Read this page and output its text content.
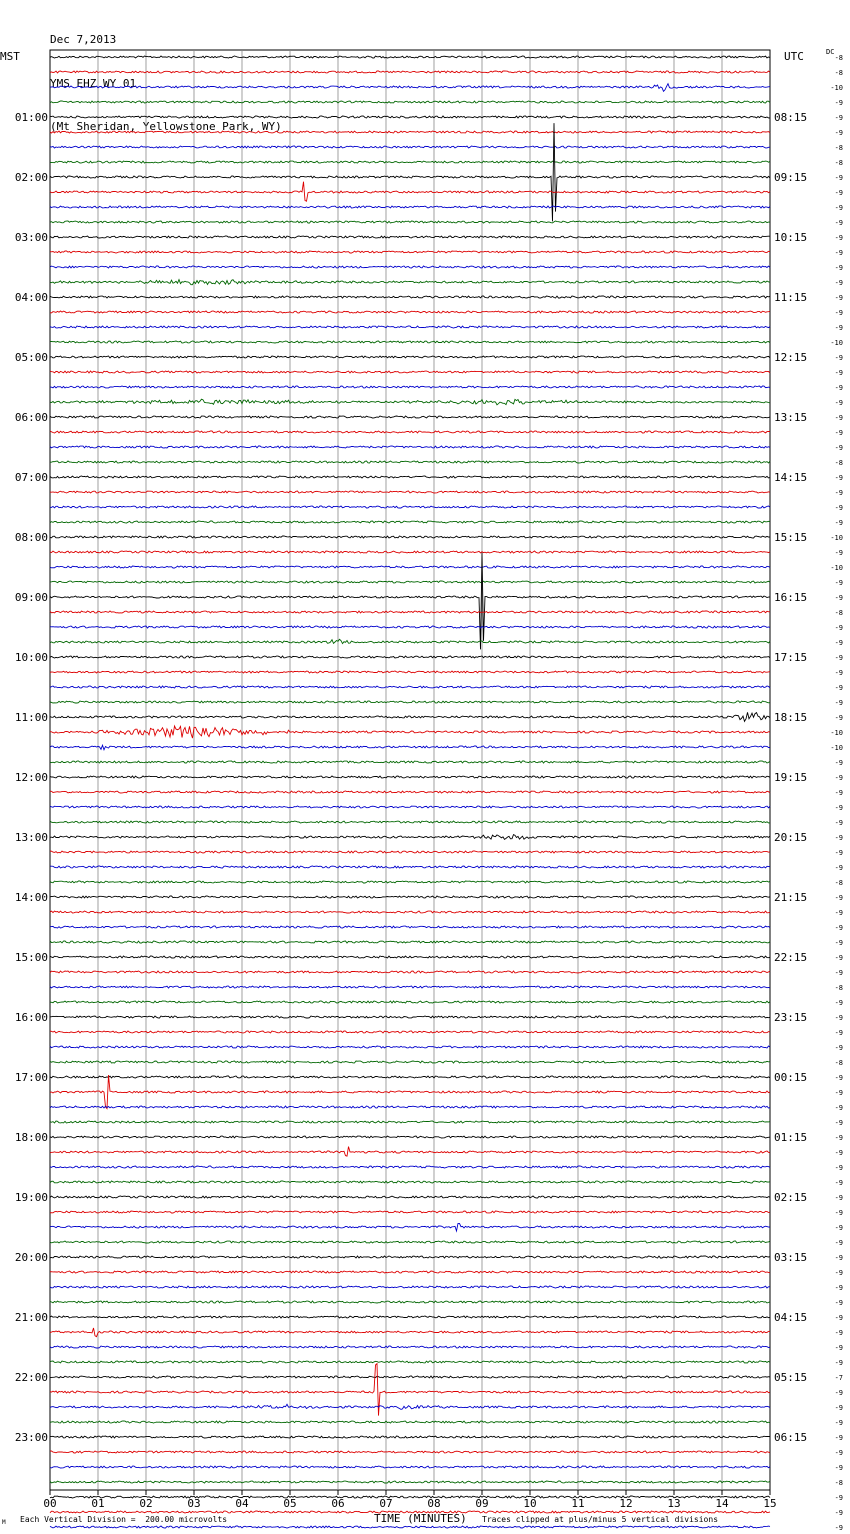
Dec 7,2013

YMS EHZ WY 01

(Mt Sheridan, Yellowstone Park, WY)

MST	UTC	DC
01:00
02:00
03:00
04:00
05:00
06:00
07:00
08:00
09:00
10:00
11:00
12:00
13:00
14:00
15:00
16:00
17:00
18:00
19:00
20:00
21:00
22:00
23:00
08:15
09:15
10:15
11:15
12:15
13:15
14:15
15:15
16:15
17:15
18:15
19:15
20:15
21:15
22:15
23:15
00:15
01:15
02:15
03:15
04:15
05:15
06:15
-8
-8
-10
-9
-9
-9
-8
-8
-9
-9
-9
-9
-9
-9
-9
-9
-9
-9
-9
-10
-9
-9
-9
-9
-9
-9
-9
-8
-9
-9
-9
-9
-10
-9
-10
-9
-9
-8
-9
-9
-9
-9
-9
-9
-9
-10
-10
-9
-9
-9
-9
-9
-9
-9
-9
-8
-9
-9
-9
-9
-9
-9
-8
-9
-9
-9
-9
-8
-9
-9
-9
-9
-9
-9
-9
-9
-9
-9
-9
-9
-9
-9
-9
-9
-9
-9
-9
-9
-7
-9
-9
-9
-9
-9
-9
-8
-9
-9
-9
00	01	02	03	04	05	06	07	08	09	10	11	12	13	14	15
M Each Vertical Division =  200.00 microvolts	TIME (MINUTES) Traces clipped at plus/minus 5 vertical divisions
